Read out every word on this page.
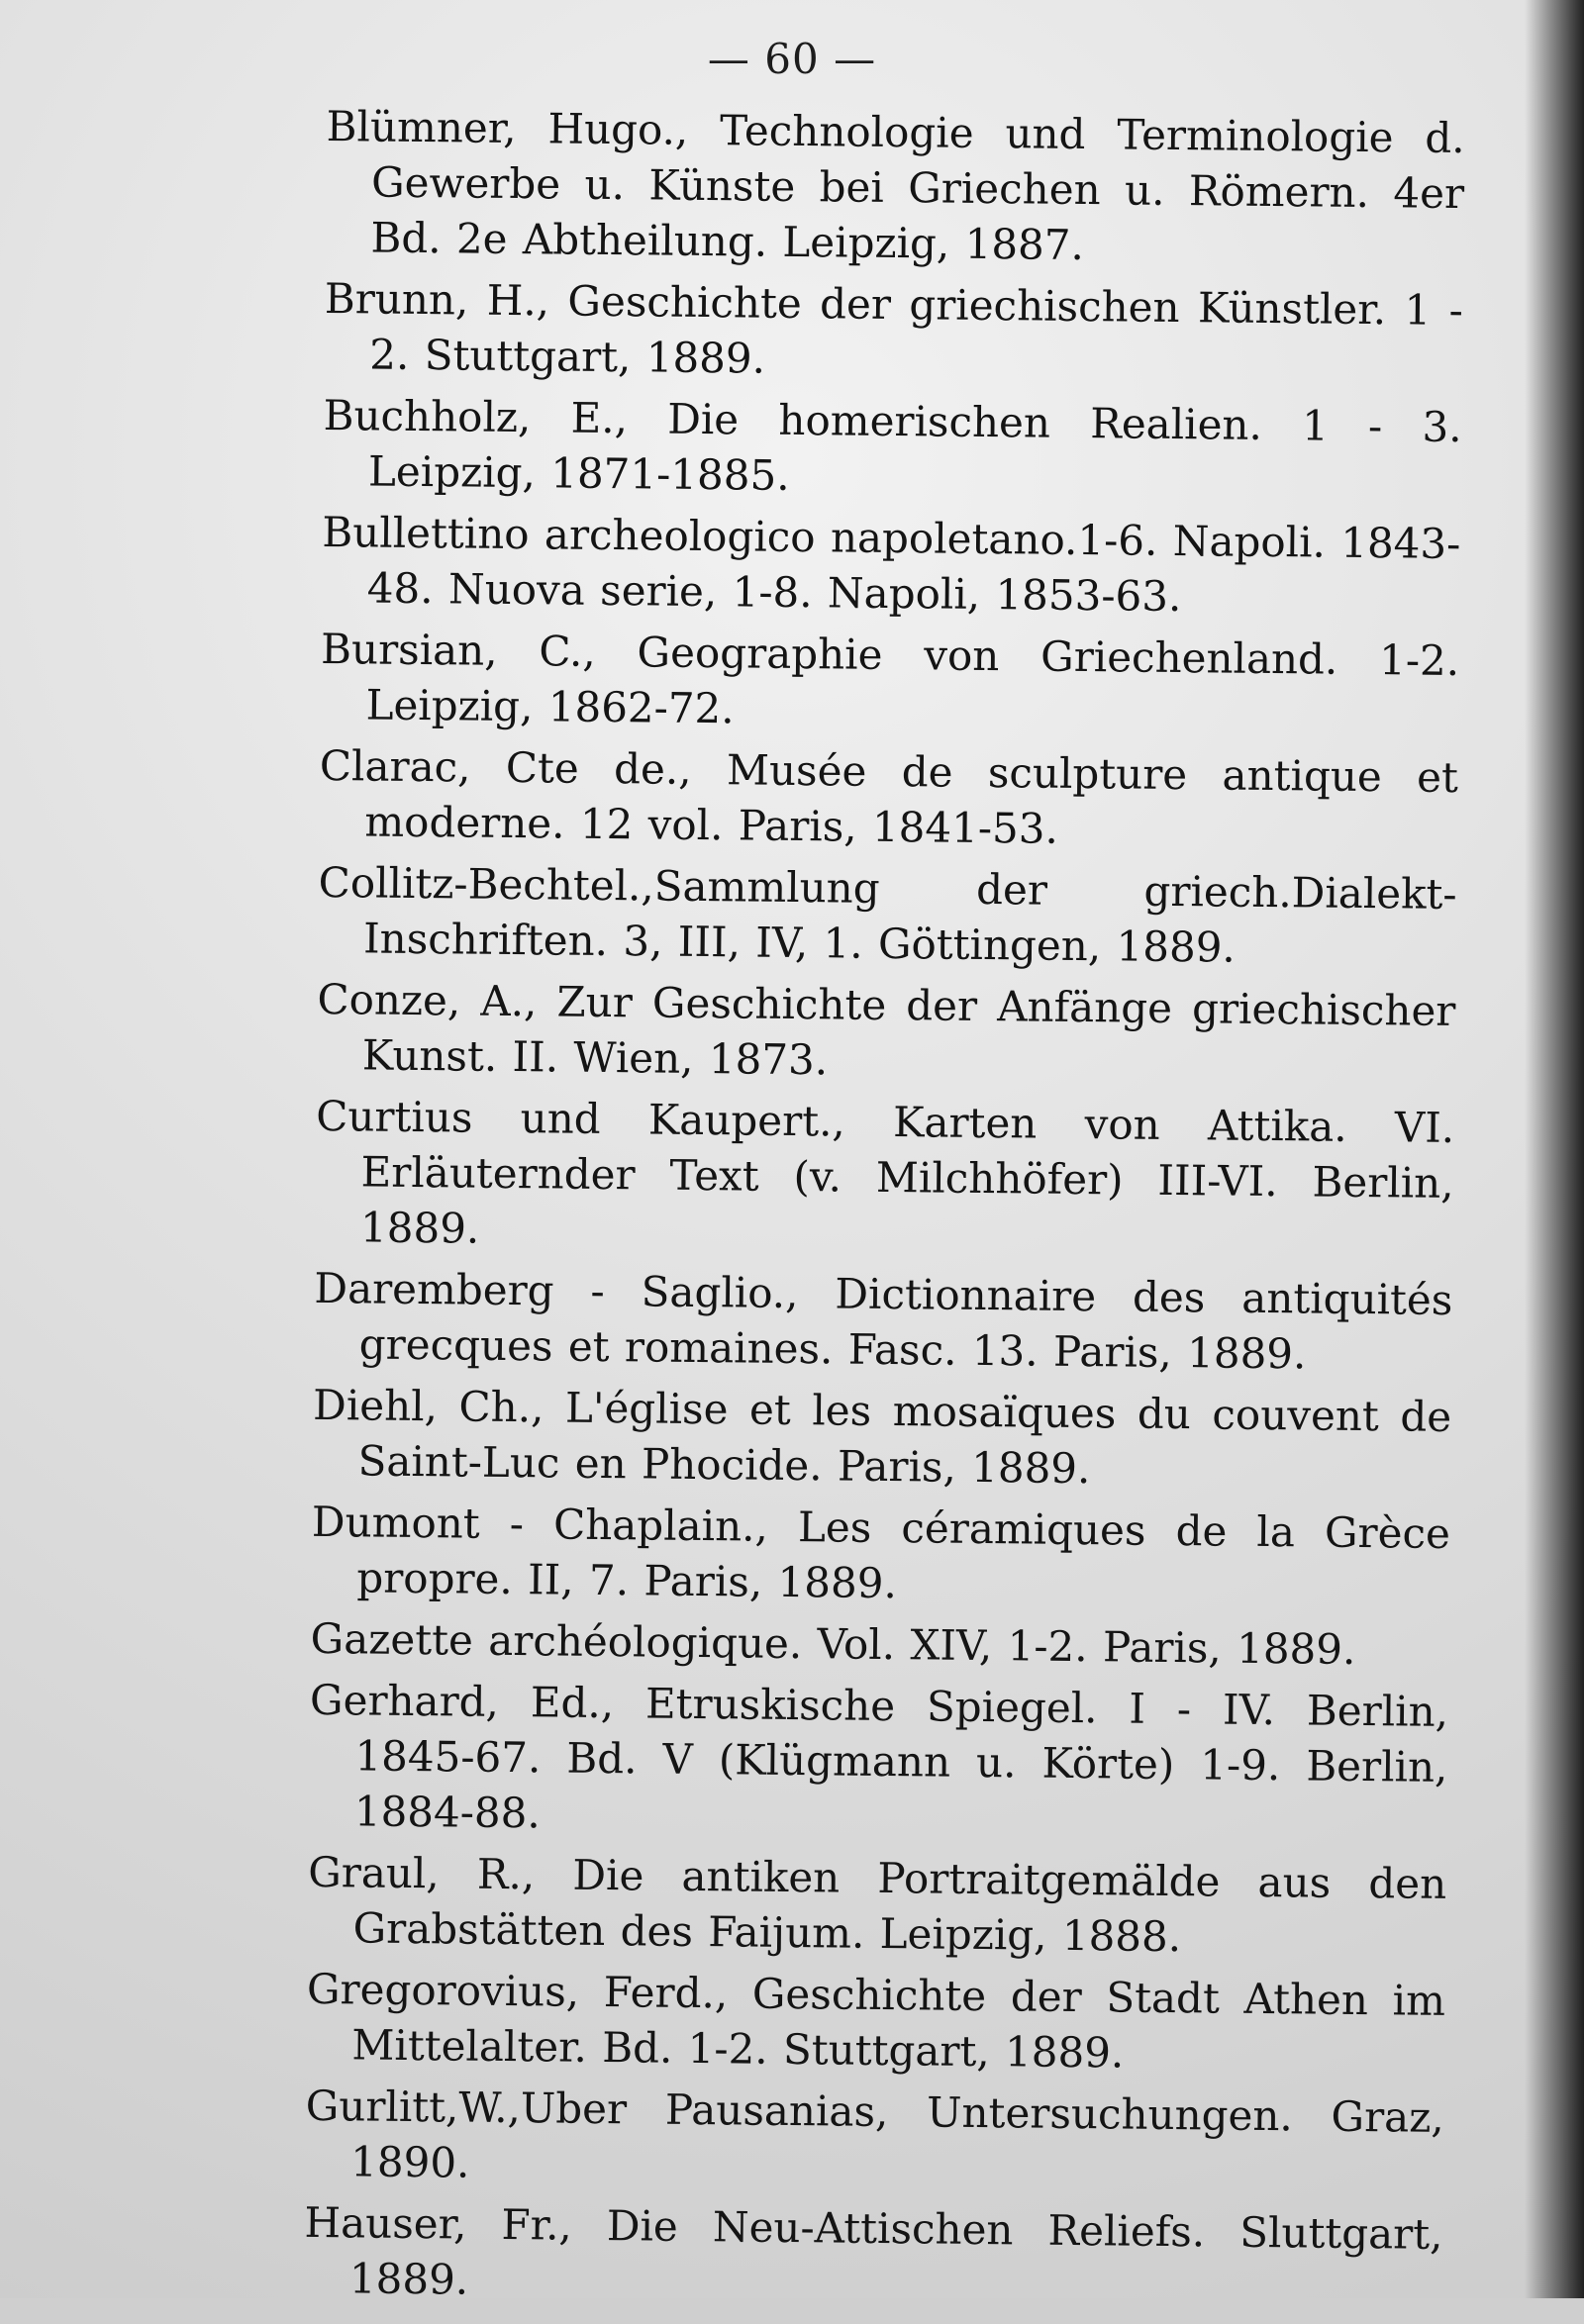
— 60 —

Blümner, Hugo., Technologie und Terminologie d. Gewerbe u. Künste bei Griechen u. Römern. 4er Bd. 2e Abtheilung. Leipzig, 1887.

Brunn, H., Geschichte der griechischen Künstler. 1 - 2. Stuttgart, 1889.

Buchholz, E., Die homerischen Realien. 1 - 3. Leipzig, 1871-1885.

Bullettino archeologico napoletano.1-6. Napoli. 1843-48. Nuova serie, 1-8. Napoli, 1853-63.

Bursian, C., Geographie von Griechenland. 1-2. Leipzig, 1862-72.

Clarac, Cte de., Musée de sculpture antique et moderne. 12 vol. Paris, 1841-53.

Collitz-Bechtel.,Sammlung der griech.Dialekt-Inschriften. 3, III, IV, 1. Göttingen, 1889.

Conze, A., Zur Geschichte der Anfänge griechischer Kunst. II. Wien, 1873.

Curtius und Kaupert., Karten von Attika. VI. Erläuternder Text (v. Milchhöfer) III-VI. Berlin, 1889.

Daremberg - Saglio., Dictionnaire des antiquités grecques et romaines. Fasc. 13. Paris, 1889.

Diehl, Ch., L'église et les mosaïques du couvent de Saint-Luc en Phocide. Paris, 1889.

Dumont - Chaplain., Les céramiques de la Grèce propre. II, 7. Paris, 1889.

Gazette archéologique. Vol. XIV, 1-2. Paris, 1889.

Gerhard, Ed., Etruskische Spiegel. I - IV. Berlin, 1845-67. Bd. V (Klügmann u. Körte) 1-9. Berlin, 1884-88.

Graul, R., Die antiken Portraitgemälde aus den Grabstätten des Faijum. Leipzig, 1888.

Gregorovius, Ferd., Geschichte der Stadt Athen im Mittelalter. Bd. 1-2. Stuttgart, 1889.

Gurlitt,W.,Uber Pausanias, Untersuchungen. Graz, 1890.

Hauser, Fr., Die Neu-Attischen Reliefs. Sluttgart, 1889.
